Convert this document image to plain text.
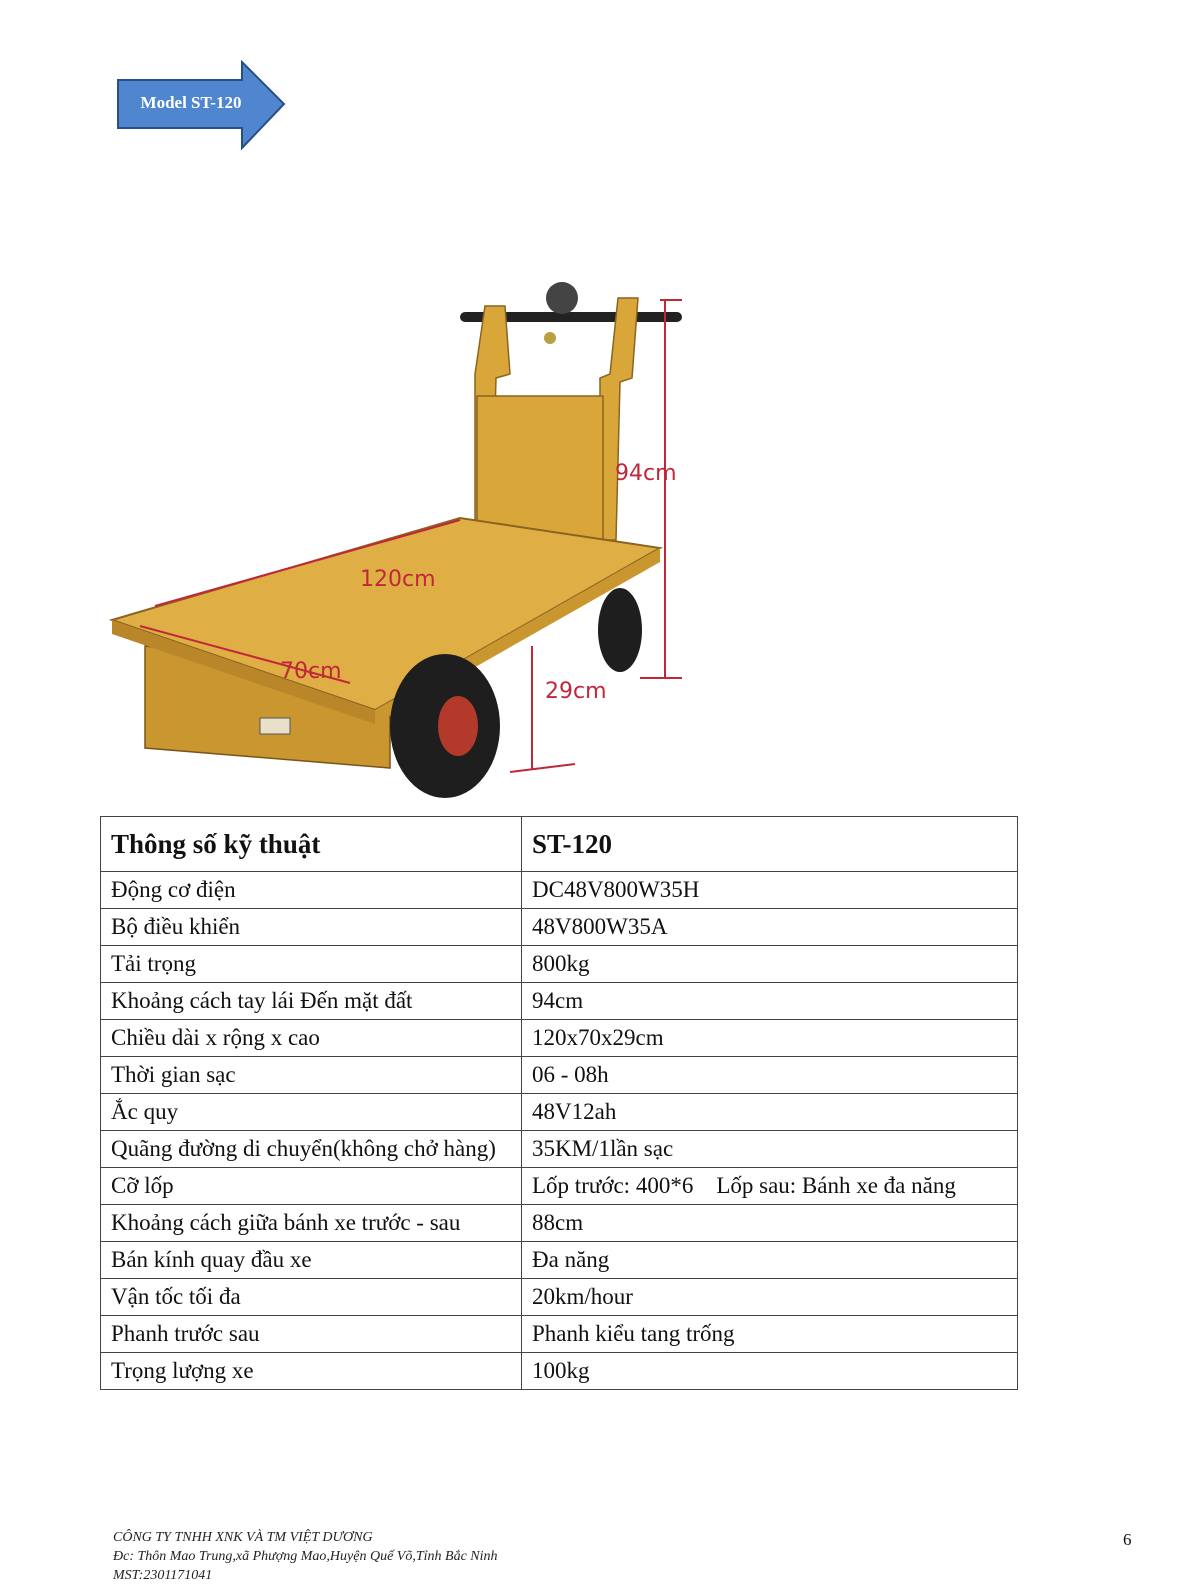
Model ST-120
94cm
120cm
70cm
29cm
Thông số kỹ thuật	ST-120
Động cơ điện	DC48V800W35H
Bộ điều khiển	48V800W35A
Tải trọng	800kg
Khoảng cách tay lái Đến mặt đất	94cm
Chiều dài x rộng x cao	120x70x29cm
Thời gian sạc	06 - 08h
Ắc quy	48V12ah
Quãng đường di chuyển(không chở hàng)	35KM/1lần sạc
Cỡ lốp	Lốp trước: 400*6    Lốp sau: Bánh xe đa năng
Khoảng cách giữa bánh xe trước - sau	88cm
Bán kính quay đầu xe	Đa năng
Vận tốc tối đa	20km/hour
Phanh trước sau	Phanh kiểu tang trống
Trọng lượng xe	100kg
CÔNG TY TNHH XNK VÀ TM VIỆT DƯƠNG
Đc: Thôn Mao Trung,xã Phượng Mao,Huyện Quế Võ,Tỉnh Bắc Ninh
MST:2301171041
6
